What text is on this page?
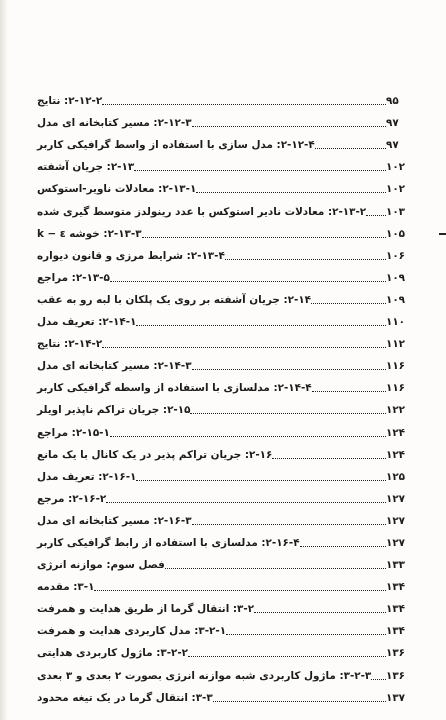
۲-۱۲-۲: نتایج	۹۵
۲-۱۲-۳: مسیر کتابخانه ای مدل	۹۷
۲-۱۲-۴: مدل سازی با استفاده از واسط گرافیکی کاربر	۹۷
۲-۱۳: جریان آشفته	۱۰۲
۲-۱۳-۱: معادلات ناویر-استوکس	۱۰۲
۲-۱۳-۲: معادلات نادیر استوکس با عدد رینولدز متوسط گیری شده ۱۰۳
۲-۱۳-۳: خوشه k − ε	۱۰۵
۲-۱۳-۴: شرایط مرزی و قانون دیواره	۱۰۶
۲-۱۳-۵: مراجع	۱۰۹
۲-۱۴: جریان آشفته بر روی یک پلکان با لبه رو به عقب	۱۰۹
۲-۱۴-۱: تعریف مدل	۱۱۰
۲-۱۴-۲: نتایج	۱۱۲
۲-۱۴-۳: مسیر کتابخانه ای مدل	۱۱۶
۲-۱۴-۴: مدلسازی با استفاده از واسطه گرافیکی کاربر	۱۱۶
۲-۱۵: جریان تراکم ناپذیر اویلر	۱۲۲
۲-۱۵-۱: مراجع	۱۲۴
۲-۱۶: جریان تراکم پذیر در یک کانال با یک مانع	۱۲۴
۲-۱۶-۱: تعریف مدل	۱۲۵
۲-۱۶-۲: مرجع	۱۲۷
۲-۱۶-۳: مسیر کتابخانه ای مدل	۱۲۷
۲-۱۶-۴: مدلسازی با استفاده از رابط گرافیکی کاربر	۱۲۷
فصل سوم: موازنه انرژی	۱۳۳
۳-۱: مقدمه	۱۳۴
۳-۲: انتقال گرما از طریق هدایت و همرفت	۱۳۴
۳-۲-۱: مدل کاربردی هدایت و همرفت	۱۳۴
۳-۲-۲: ماژول کاربردی هدایتی	۱۳۶
۳-۲-۳: ماژول کاربردی شبه موازنه انرژی بصورت ۲ بعدی و ۳ بعدی ۱۳۶
۳-۳: انتقال گرما در یک تیغه محدود	۱۳۷
